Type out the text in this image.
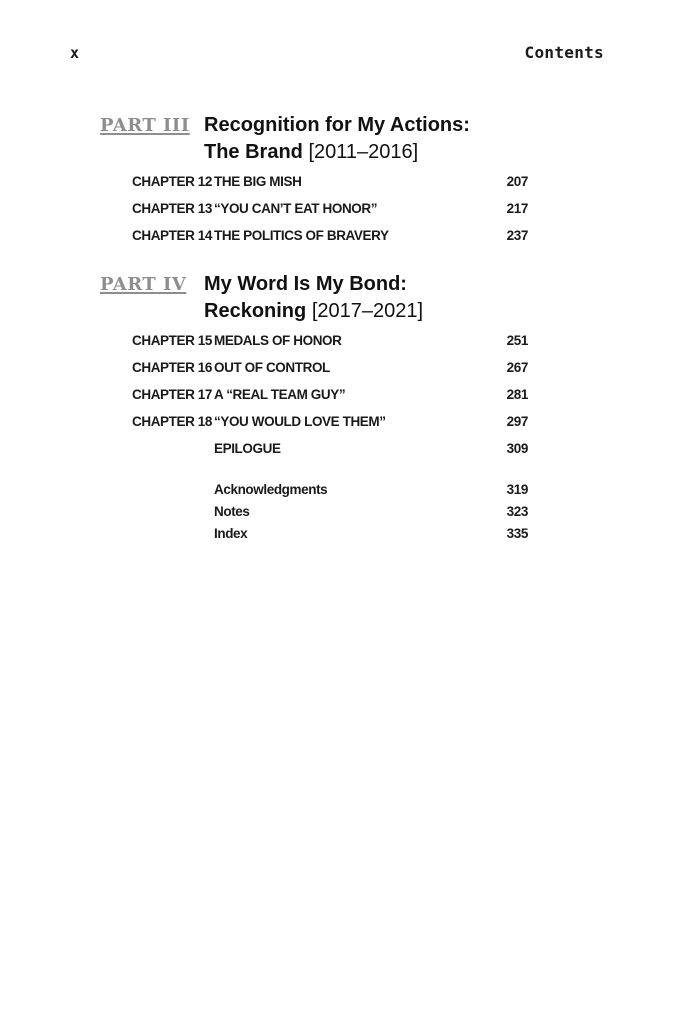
x	Contents
PART III Recognition for My Actions:
The Brand [2011–2016]
CHAPTER 12 THE BIG MISH	207
CHAPTER 13 “YOU CAN’T EAT HONOR”	217
CHAPTER 14 THE POLITICS OF BRAVERY	237
PART IV My Word Is My Bond:
Reckoning [2017–2021]
CHAPTER 15 MEDALS OF HONOR	251
CHAPTER 16 OUT OF CONTROL	267
CHAPTER 17 A “REAL TEAM GUY”	281
CHAPTER 18 “YOU WOULD LOVE THEM”	297
EPILOGUE	309
Acknowledgments	319
Notes	323
Index	335
